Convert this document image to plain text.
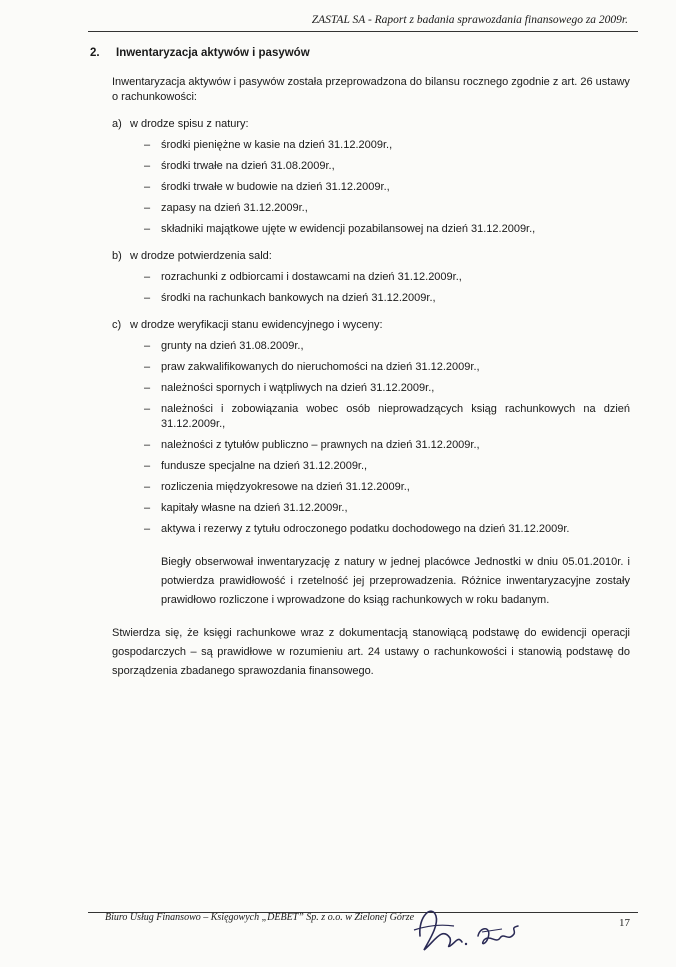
ZASTAL SA - Raport z badania sprawozdania finansowego za 2009r.
2. Inwentaryzacja aktywów i pasywów

Inwentaryzacja aktywów i pasywów została przeprowadzona do bilansu rocznego zgodnie z art. 26 ustawy o rachunkowości:

a) w drodze spisu z natury:
– środki pieniężne w kasie na dzień 31.12.2009r.,
– środki trwałe na dzień 31.08.2009r.,
– środki trwałe w budowie na dzień 31.12.2009r.,
– zapasy na dzień 31.12.2009r.,
– składniki majątkowe ujęte w ewidencji pozabilansowej na dzień 31.12.2009r.,
b) w drodze potwierdzenia sald:
– rozrachunki z odbiorcami i dostawcami na dzień 31.12.2009r.,
– środki na rachunkach bankowych na dzień 31.12.2009r.,
c) w drodze weryfikacji stanu ewidencyjnego i wyceny:
– grunty na dzień 31.08.2009r.,
– praw zakwalifikowanych do nieruchomości na dzień 31.12.2009r.,
– należności spornych i wątpliwych na dzień 31.12.2009r.,
– należności i zobowiązania wobec osób nieprowadzących ksiąg rachunkowych na dzień 31.12.2009r.,
– należności z tytułów publiczno – prawnych na dzień 31.12.2009r.,
– fundusze specjalne na dzień 31.12.2009r.,
– rozliczenia międzyokresowe na dzień 31.12.2009r.,
– kapitały własne na dzień 31.12.2009r.,
– aktywa i rezerwy z tytułu odroczonego podatku dochodowego na dzień 31.12.2009r.

Biegły obserwował inwentaryzację z natury w jednej placówce Jednostki w dniu 05.01.2010r. i potwierdza prawidłowość i rzetelność jej przeprowadzenia. Różnice inwentaryzacyjne zostały prawidłowo rozliczone i wprowadzone do ksiąg rachunkowych w roku badanym.

Stwierdza się, że księgi rachunkowe wraz z dokumentacją stanowiącą podstawę do ewidencji operacji gospodarczych – są prawidłowe w rozumieniu art. 24 ustawy o rachunkowości i stanowią podstawę do sporządzenia zbadanego sprawozdania finansowego.

Biuro Usług Finansowo – Księgowych „DEBET” Sp. z o.o. w Zielonej Górze	17
